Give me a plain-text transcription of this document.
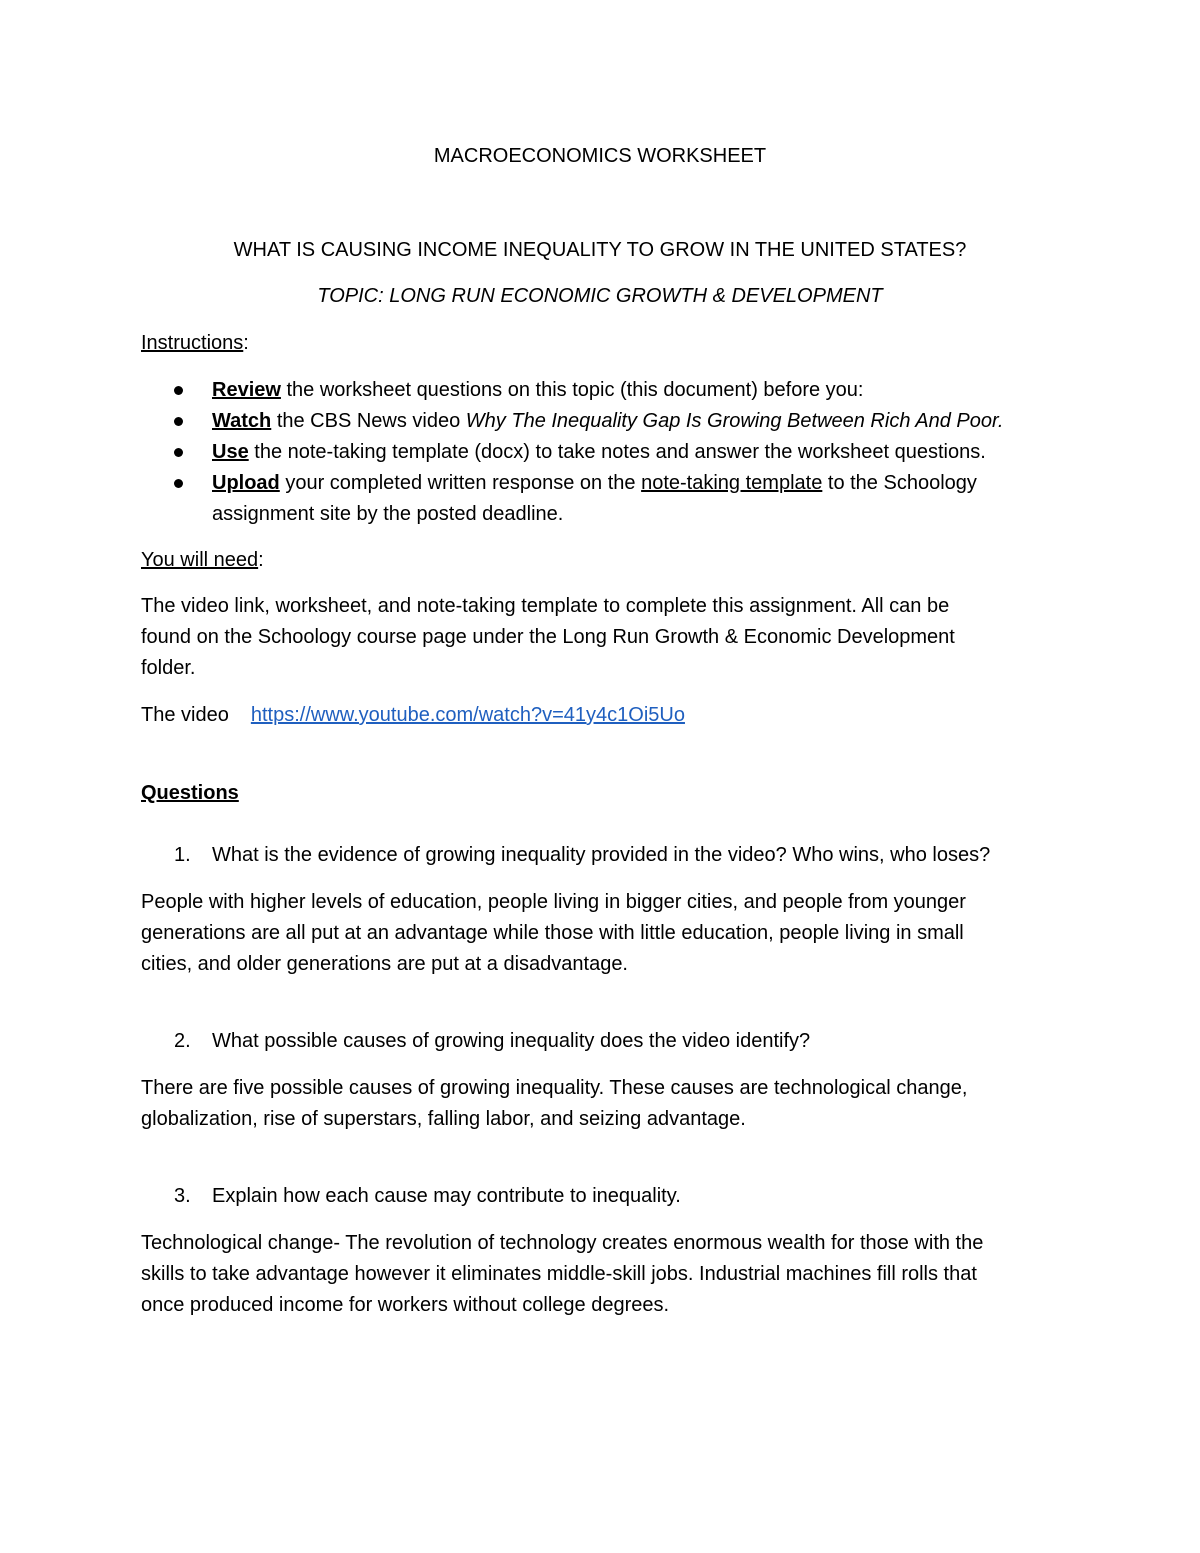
MACROECONOMICS WORKSHEET
WHAT IS CAUSING INCOME INEQUALITY TO GROW IN THE UNITED STATES?
TOPIC: LONG RUN ECONOMIC GROWTH & DEVELOPMENT
Instructions:
Review the worksheet questions on this topic (this document) before you:
Watch the CBS News video Why The Inequality Gap Is Growing Between Rich And Poor.
Use the note-taking template (docx) to take notes and answer the worksheet questions.
Upload your completed written response on the note-taking template to the Schoology
assignment site by the posted deadline.
You will need:
The video link, worksheet, and note-taking template to complete this assignment. All can be
found on the Schoology course page under the Long Run Growth & Economic Development
folder.
The video https://www.youtube.com/watch?v=41y4c1Oi5Uo
Questions
1. What is the evidence of growing inequality provided in the video? Who wins, who loses?
People with higher levels of education, people living in bigger cities, and people from younger
generations are all put at an advantage while those with little education, people living in small
cities, and older generations are put at a disadvantage.
2. What possible causes of growing inequality does the video identify?
There are five possible causes of growing inequality. These causes are technological change,
globalization, rise of superstars, falling labor, and seizing advantage.
3. Explain how each cause may contribute to inequality.
Technological change- The revolution of technology creates enormous wealth for those with the
skills to take advantage however it eliminates middle-skill jobs. Industrial machines fill rolls that
once produced income for workers without college degrees.
